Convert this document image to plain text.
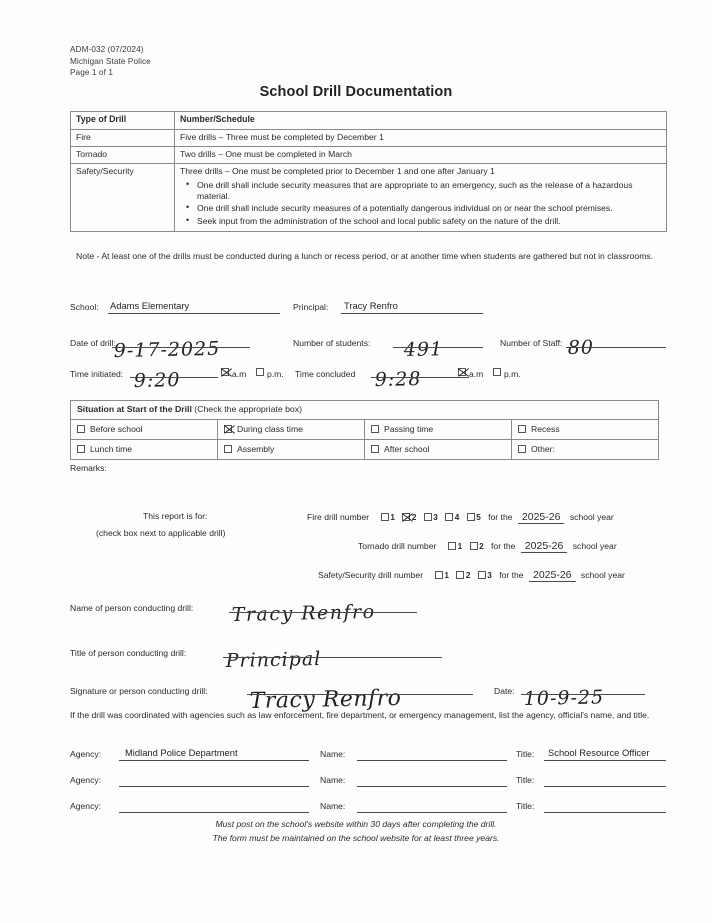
ADM-032 (07/2024)
Michigan State Police
Page 1 of 1
School Drill Documentation
Type of Drill	Number/Schedule
Fire	Five drills – Three must be completed by December 1
Tornado	Two drills – One must be completed in March
Safety/Security	Three drills – One must be completed prior to December 1 and one after January 1
• One drill shall include security measures that are appropriate to an emergency, such as the release of a hazardous material.
• One drill shall include security measures of a potentially dangerous individual on or near the school premises.
• Seek input from the administration of the school and local public safety on the nature of the drill.
Note - At least one of the drills must be conducted during a lunch or recess period, or at another time when students are gathered but not in classrooms.
School: Adams Elementary	Principal: Tracy Renfro
Date of drill:
9-17-2025	Number of students: 491	Number of Staff: 80
Time initiated: 9:20	a.m p.m. Time concluded 9:28	a.m p.m.
Situation at Start of the Drill (Check the appropriate box)			
Before school	During class time	Passing time	Recess
Lunch time	Assembly	After school	Other:
Remarks:
This report is for:
(check box next to applicable drill)
Fire drill number	1 2 3 4 5 for the 2025-26 school year
Tornado drill number	1 2 for the 2025-26 school year
Safety/Security drill number	1 2 3 for the 2025-26 school year
Name of person conducting drill: Tracy Renfro
Title of person conducting drill: Principal
Signature or person conducting drill: Tracy Renfro	Date: 10-9-25
If the drill was coordinated with agencies such as law enforcement, fire department, or emergency management, list the agency, official's name, and title.
Agency:	Midland Police Department	Name:	Title: School Resource Officer
Agency:	Name:	Title:
Agency:	Name:	Title:
Must post on the school's website within 30 days after completing the drill.
The form must be maintained on the school website for at least three years.
